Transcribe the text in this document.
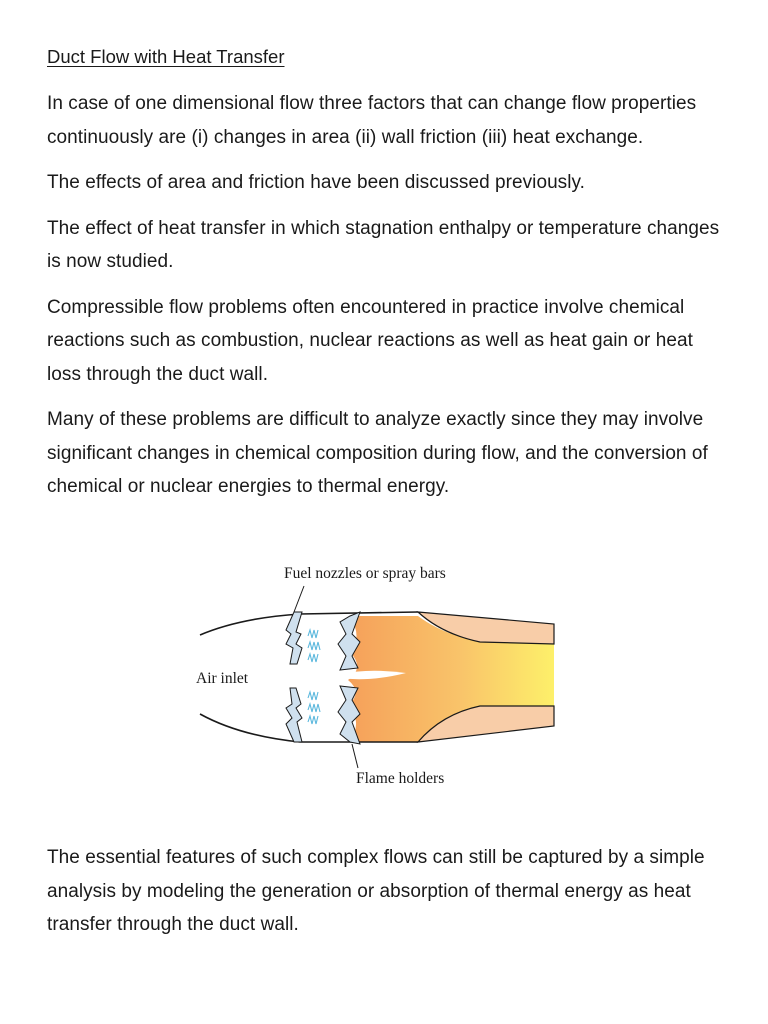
Duct Flow with Heat Transfer

In case of one dimensional flow three factors that can change flow properties continuously are (i) changes in area (ii) wall friction (iii) heat exchange.

The effects of area and friction have been discussed previously.

The effect of heat transfer in which stagnation enthalpy or temperature changes is now studied.

Compressible flow problems often encountered in practice involve chemical reactions such as combustion, nuclear reactions as well as heat gain or heat loss through the duct wall.

Many of these problems are difficult to analyze exactly since they may involve significant changes in chemical composition during flow, and the conversion of chemical or nuclear energies to thermal energy.

Fuel nozzles or spray bars
Air inlet
Flame holders

The essential features of such complex flows can still be captured by a simple analysis by modeling the generation or absorption of thermal energy as heat transfer through the duct wall.
